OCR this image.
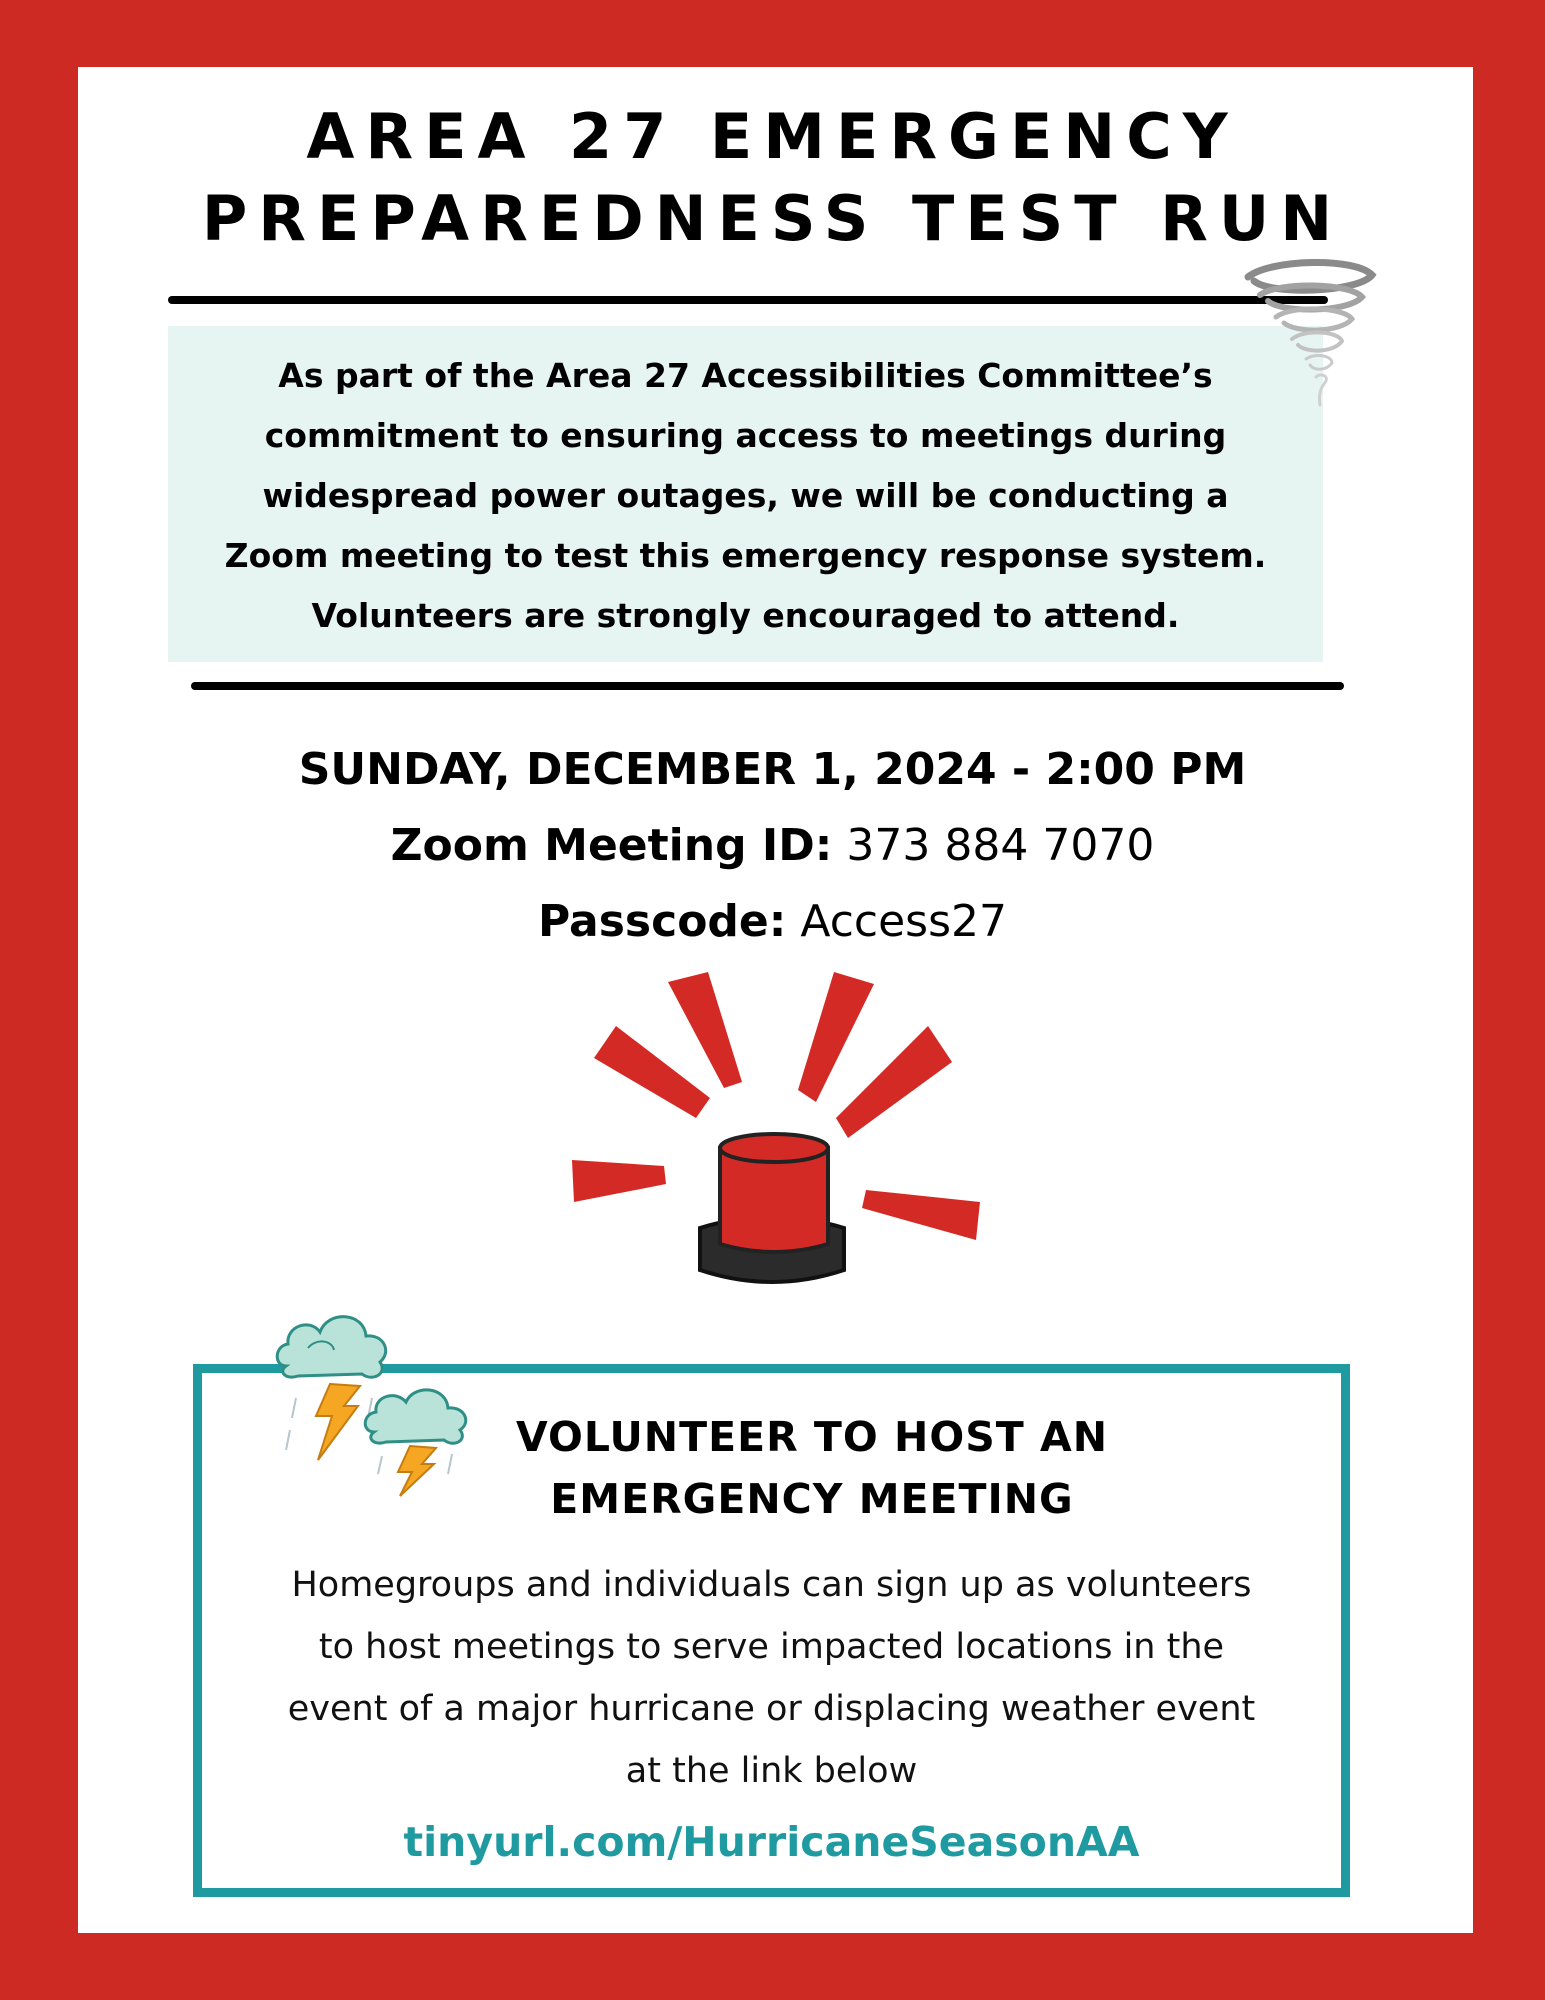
AREA 27 EMERGENCY
PREPAREDNESS TEST RUN
As part of the Area 27 Accessibilities Committee’s
commitment to ensuring access to meetings during
widespread power outages, we will be conducting a
Zoom meeting to test this emergency response system.
Volunteers are strongly encouraged to attend.
SUNDAY, DECEMBER 1, 2024 - 2:00 PM
Zoom Meeting ID: 373 884 7070
Passcode: Access27
VOLUNTEER TO HOST AN
EMERGENCY MEETING
Homegroups and individuals can sign up as volunteers
to host meetings to serve impacted locations in the
event of a major hurricane or displacing weather event
at the link below
tinyurl.com/HurricaneSeasonAA
